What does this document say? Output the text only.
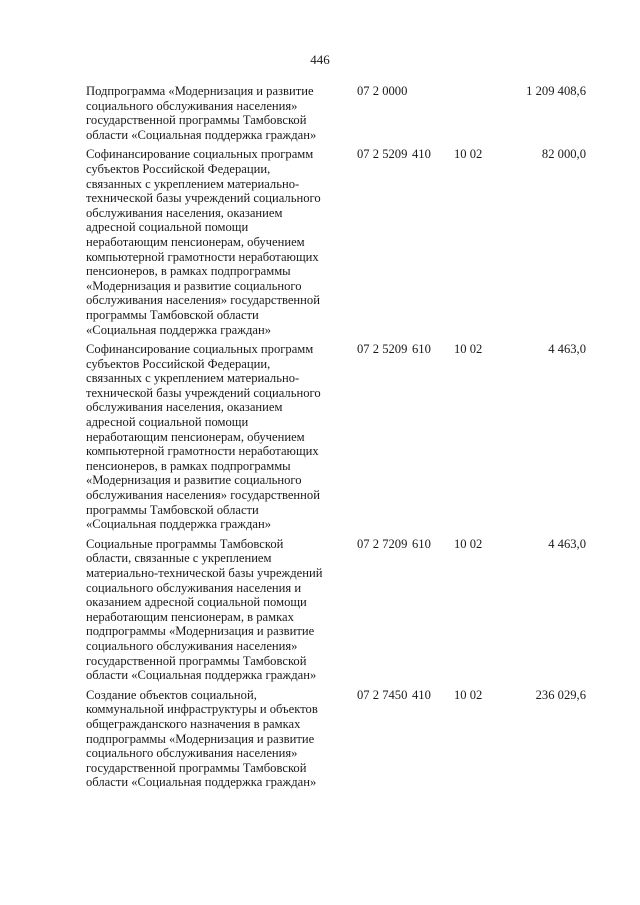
446
Подпрограмма «Модернизация и развитие
социального обслуживания населения»
государственной программы Тамбовской
области «Социальная поддержка граждан»
07 2 0000	1 209 408,6
Софинансирование социальных программ
субъектов Российской Федерации,
связанных с укреплением материально-
технической базы учреждений социального
обслуживания населения, оказанием
адресной социальной помощи
неработающим пенсионерам, обучением
компьютерной грамотности неработающих
пенсионеров, в рамках подпрограммы
«Модернизация и развитие социального
обслуживания населения» государственной
программы Тамбовской области
«Социальная поддержка граждан»
07 2 5209 410 10 02	82 000,0
Софинансирование социальных программ
субъектов Российской Федерации,
связанных с укреплением материально-
технической базы учреждений социального
обслуживания населения, оказанием
адресной социальной помощи
неработающим пенсионерам, обучением
компьютерной грамотности неработающих
пенсионеров, в рамках подпрограммы
«Модернизация и развитие социального
обслуживания населения» государственной
программы Тамбовской области
«Социальная поддержка граждан»
07 2 5209 610 10 02	4 463,0
Социальные программы Тамбовской
области, связанные с укреплением
материально-технической базы учреждений
социального обслуживания населения и
оказанием адресной социальной помощи
неработающим пенсионерам, в рамках
подпрограммы «Модернизация и развитие
социального обслуживания населения»
государственной программы Тамбовской
области «Социальная поддержка граждан»
07 2 7209 610 10 02	4 463,0
Создание объектов социальной,
коммунальной инфраструктуры и объектов
общегражданского назначения в рамках
подпрограммы «Модернизация и развитие
социального обслуживания населения»
государственной программы Тамбовской
области «Социальная поддержка граждан»
07 2 7450 410 10 02	236 029,6
